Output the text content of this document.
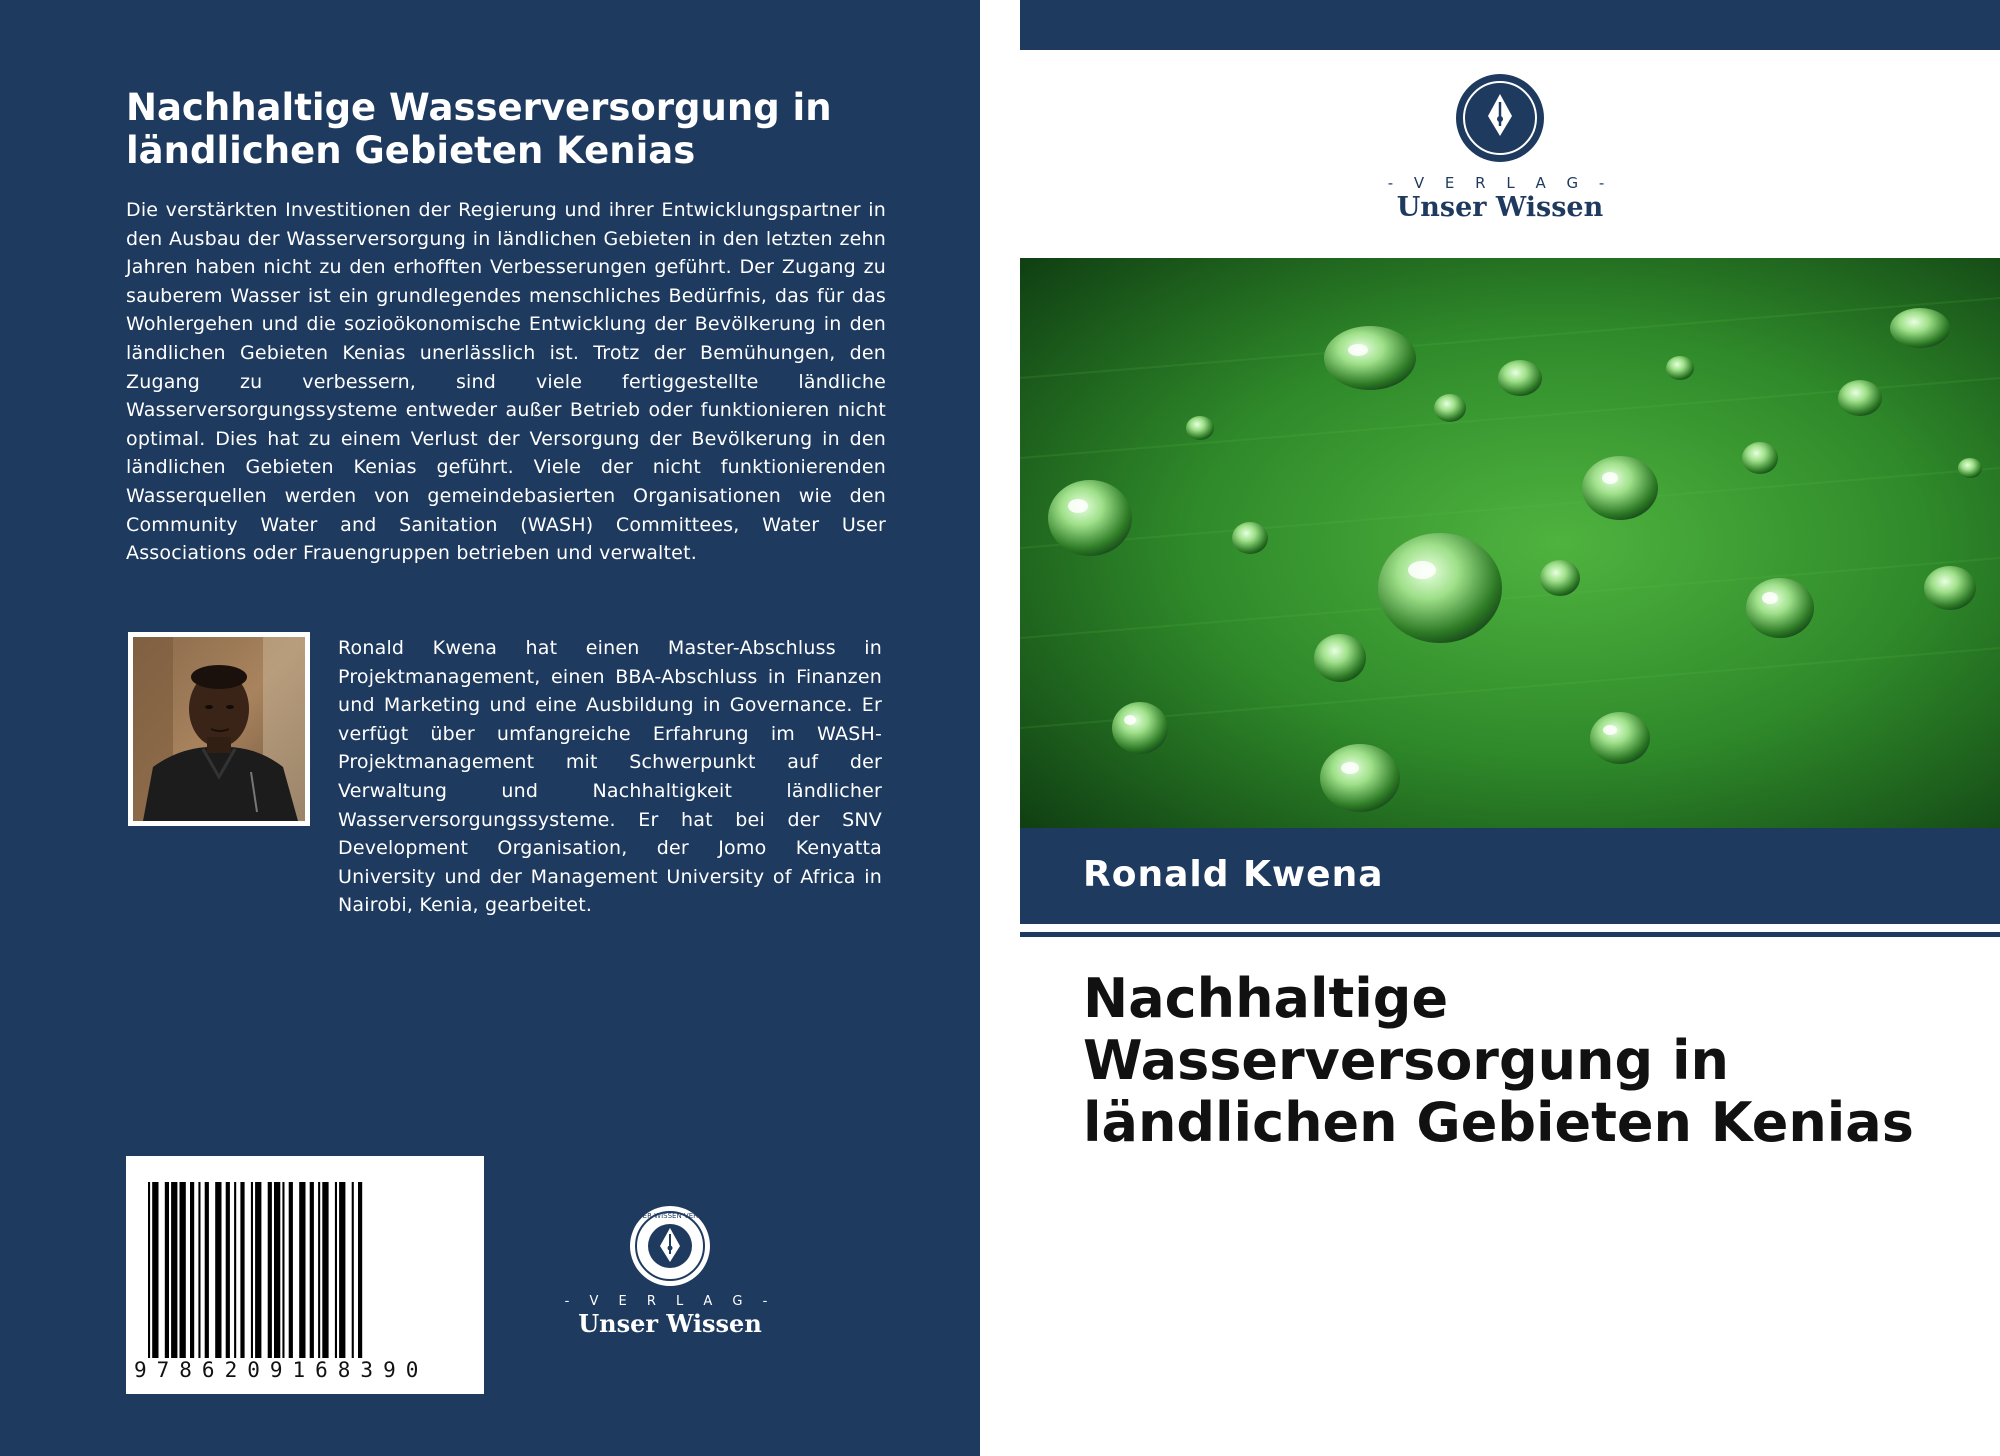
Nachhaltige Wasserversorgung in ländlichen Gebieten Kenias
Die verstärkten Investitionen der Regierung und ihrer Entwicklungspartner in den Ausbau der Wasserversorgung in ländlichen Gebieten in den letzten zehn Jahren haben nicht zu den erhofften Verbesserungen geführt. Der Zugang zu sauberem Wasser ist ein grundlegendes menschliches Bedürfnis, das für das Wohlergehen und die sozioökonomische Entwicklung der Bevölkerung in den ländlichen Gebieten Kenias unerlässlich ist. Trotz der Bemühungen, den Zugang zu verbessern, sind viele fertiggestellte ländliche Wasserversorgungssysteme entweder außer Betrieb oder funktionieren nicht optimal. Dies hat zu einem Verlust der Versorgung der Bevölkerung in den ländlichen Gebieten Kenias geführt. Viele der nicht funktionierenden Wasserquellen werden von gemeindebasierten Organisationen wie den Community Water and Sanitation (WASH) Committees, Water User Associations oder Frauengruppen betrieben und verwaltet.
Ronald Kwena hat einen Master-Abschluss in Projektmanagement, einen BBA-Abschluss in Finanzen und Marketing und eine Ausbildung in Governance. Er verfügt über umfangreiche Erfahrung im WASH-Projektmanagement mit Schwerpunkt auf der Verwaltung und Nachhaltigkeit ländlicher Wasserversorgungssysteme. Er hat bei der SNV Development Organisation, der Jomo Kenyatta University und der Management University of Africa in Nairobi, Kenia, gearbeitet.
9786209168390
UNSER WISSEN VERLAG
- V E R L A G -
Unser Wissen
- V E R L A G -
Unser Wissen
Ronald Kwena
Nachhaltige Wasserversorgung in ländlichen Gebieten Kenias
